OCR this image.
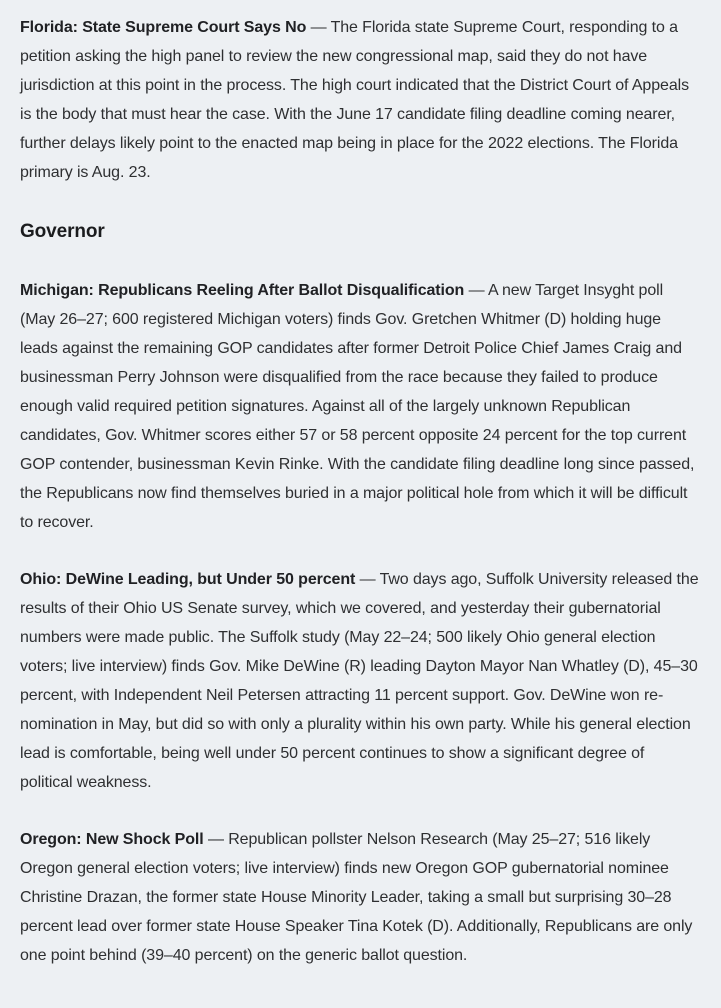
Florida: State Supreme Court Says No — The Florida state Supreme Court, responding to a petition asking the high panel to review the new congressional map, said they do not have jurisdiction at this point in the process. The high court indicated that the District Court of Appeals is the body that must hear the case. With the June 17 candidate filing deadline coming nearer, further delays likely point to the enacted map being in place for the 2022 elections. The Florida primary is Aug. 23.

Governor

Michigan: Republicans Reeling After Ballot Disqualification — A new Target Insyght poll (May 26–27; 600 registered Michigan voters) finds Gov. Gretchen Whitmer (D) holding huge leads against the remaining GOP candidates after former Detroit Police Chief James Craig and businessman Perry Johnson were disqualified from the race because they failed to produce enough valid required petition signatures. Against all of the largely unknown Republican candidates, Gov. Whitmer scores either 57 or 58 percent opposite 24 percent for the top current GOP contender, businessman Kevin Rinke. With the candidate filing deadline long since passed, the Republicans now find themselves buried in a major political hole from which it will be difficult to recover.

Ohio: DeWine Leading, but Under 50 percent — Two days ago, Suffolk University released the results of their Ohio US Senate survey, which we covered, and yesterday their gubernatorial numbers were made public. The Suffolk study (May 22–24; 500 likely Ohio general election voters; live interview) finds Gov. Mike DeWine (R) leading Dayton Mayor Nan Whatley (D), 45–30 percent, with Independent Neil Petersen attracting 11 percent support. Gov. DeWine won re-nomination in May, but did so with only a plurality within his own party. While his general election lead is comfortable, being well under 50 percent continues to show a significant degree of political weakness.

Oregon: New Shock Poll — Republican pollster Nelson Research (May 25–27; 516 likely Oregon general election voters; live interview) finds new Oregon GOP gubernatorial nominee Christine Drazan, the former state House Minority Leader, taking a small but surprising 30–28 percent lead over former state House Speaker Tina Kotek (D). Additionally, Republicans are only one point behind (39–40 percent) on the generic ballot question.
